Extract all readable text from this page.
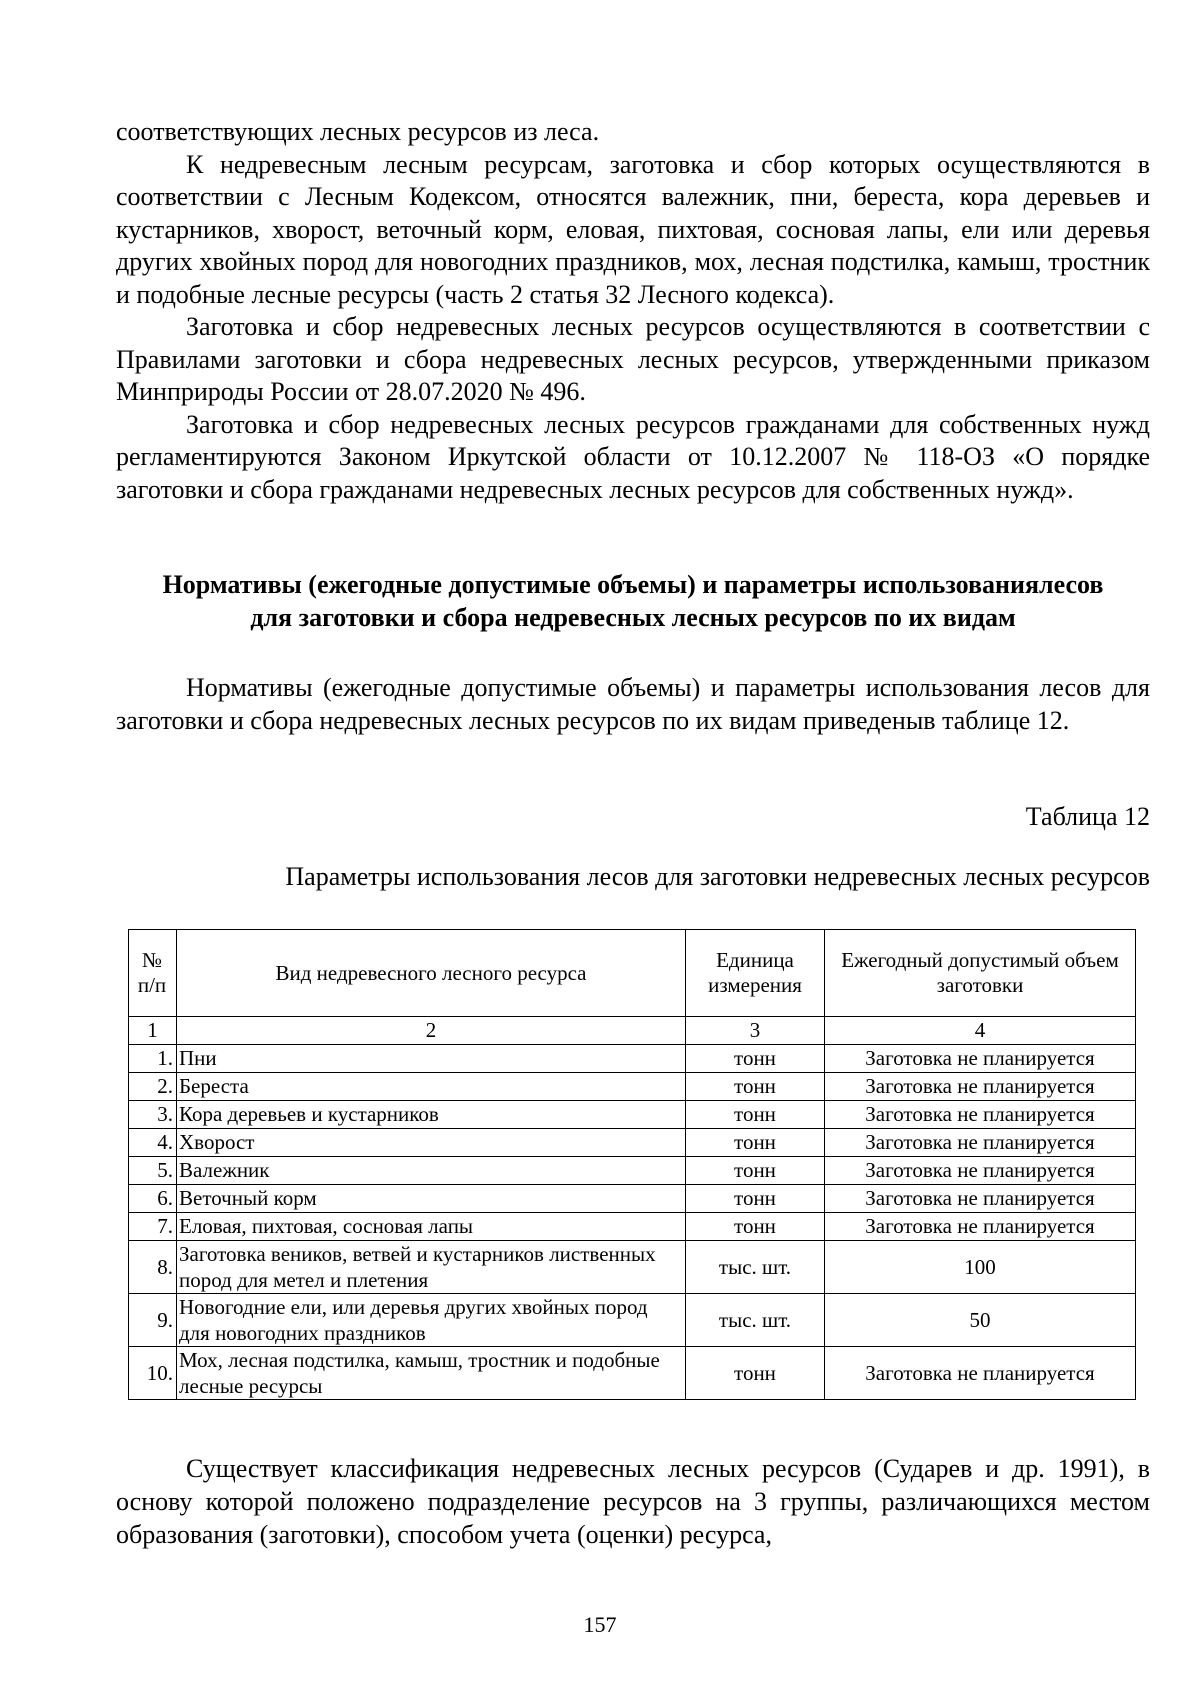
соответствующих лесных ресурсов из леса.

К недревесным лесным ресурсам, заготовка и сбор которых осуществляются в соответствии с Лесным Кодексом, относятся валежник, пни, береста, кора деревьев и кустарников, хворост, веточный корм, еловая, пихтовая, сосновая лапы, ели или деревья других хвойных пород для новогодних праздников, мох, лесная подстилка, камыш, тростник и подобные лесные ресурсы (часть 2 статья 32 Лесного кодекса).

Заготовка и сбор недревесных лесных ресурсов осуществляются в соответствии с Правилами заготовки и сбора недревесных лесных ресурсов, утвержденными приказом Минприроды России от 28.07.2020 № 496.

Заготовка и сбор недревесных лесных ресурсов гражданами для собственных нужд регламентируются Законом Иркутской области от 10.12.2007 № 118-ОЗ «О порядке заготовки и сбора гражданами недревесных лесных ресурсов для собственных нужд».

Нормативы (ежегодные допустимые объемы) и параметры использованиялесов
для заготовки и сбора недревесных лесных ресурсов по их видам

Нормативы (ежегодные допустимые объемы) и параметры использования лесов для заготовки и сбора недревесных лесных ресурсов по их видам приведеныв таблице 12.

Таблица 12
Параметры использования лесов для заготовки недревесных лесных ресурсов
№ п/п	Вид недревесного лесного ресурса	Единица измерения	Ежегодный допустимый объем заготовки
1	2	3	4
1.	Пни	тонн	Заготовка не планируется
2.	Береста	тонн	Заготовка не планируется
3.	Кора деревьев и кустарников	тонн	Заготовка не планируется
4.	Хворост	тонн	Заготовка не планируется
5.	Валежник	тонн	Заготовка не планируется
6.	Веточный корм	тонн	Заготовка не планируется
7.	Еловая, пихтовая, сосновая лапы	тонн	Заготовка не планируется
8.	Заготовка веников, ветвей и кустарников лиственных пород для метел и плетения	тыс. шт.	100
9.	Новогодние ели, или деревья других хвойных пород для новогодних праздников	тыс. шт.	50
10.	Мох, лесная подстилка, камыш, тростник и подобные лесные ресурсы	тонн	Заготовка не планируется

Существует классификация недревесных лесных ресурсов (Сударев и др. 1991), в основу которой положено подразделение ресурсов на 3 группы, различающихся местом образования (заготовки), способом учета (оценки) ресурса,

157
